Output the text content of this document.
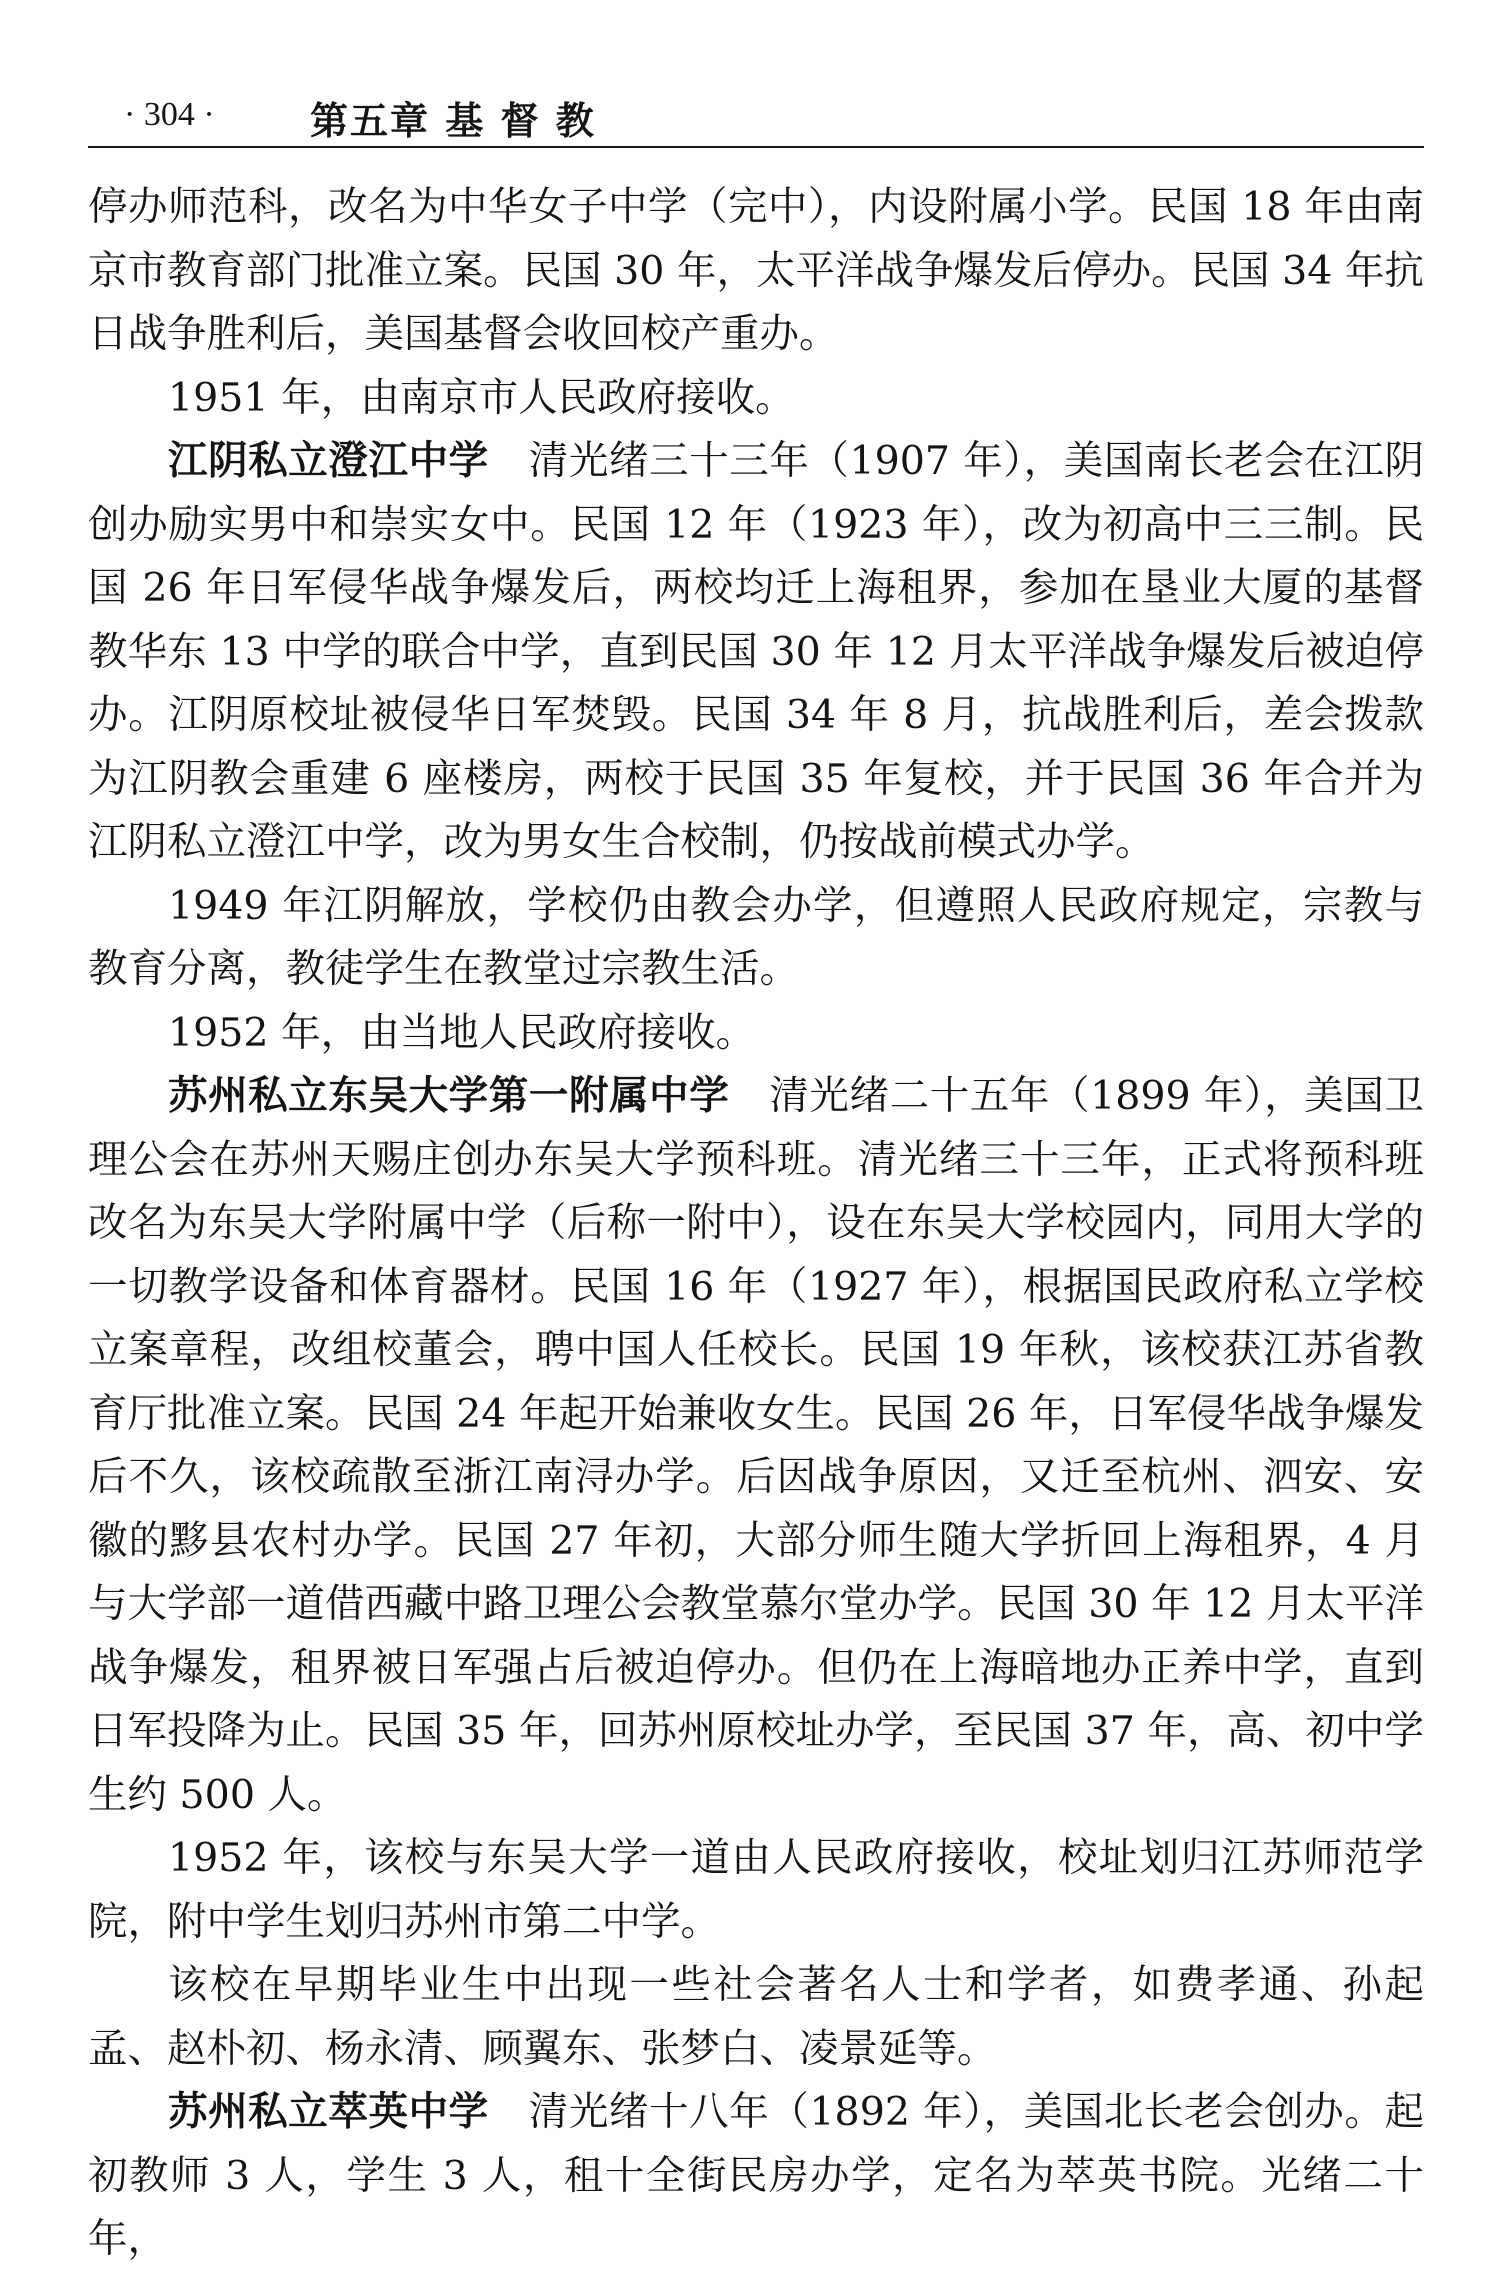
· 304 ·	第五章 基 督 教

停办师范科，改名为中华女子中学（完中），内设附属小学。民国 18 年由南京市教育部门批准立案。民国 30 年，太平洋战争爆发后停办。民国 34 年抗日战争胜利后，美国基督会收回校产重办。

1951 年，由南京市人民政府接收。

江阴私立澄江中学 清光绪三十三年（1907 年），美国南长老会在江阴创办励实男中和崇实女中。民国 12 年（1923 年），改为初高中三三制。民国 26 年日军侵华战争爆发后，两校均迁上海租界，参加在垦业大厦的基督教华东 13 中学的联合中学，直到民国 30 年 12 月太平洋战争爆发后被迫停办。江阴原校址被侵华日军焚毁。民国 34 年 8 月，抗战胜利后，差会拨款为江阴教会重建 6 座楼房，两校于民国 35 年复校，并于民国 36 年合并为江阴私立澄江中学，改为男女生合校制，仍按战前模式办学。

1949 年江阴解放，学校仍由教会办学，但遵照人民政府规定，宗教与教育分离，教徒学生在教堂过宗教生活。

1952 年，由当地人民政府接收。

苏州私立东吴大学第一附属中学 清光绪二十五年（1899 年），美国卫理公会在苏州天赐庄创办东吴大学预科班。清光绪三十三年，正式将预科班改名为东吴大学附属中学（后称一附中），设在东吴大学校园内，同用大学的一切教学设备和体育器材。民国 16 年（1927 年），根据国民政府私立学校立案章程，改组校董会，聘中国人任校长。民国 19 年秋，该校获江苏省教育厅批准立案。民国 24 年起开始兼收女生。民国 26 年，日军侵华战争爆发后不久，该校疏散至浙江南浔办学。后因战争原因，又迁至杭州、泗安、安徽的黟县农村办学。民国 27 年初，大部分师生随大学折回上海租界，4 月与大学部一道借西藏中路卫理公会教堂慕尔堂办学。民国 30 年 12 月太平洋战争爆发，租界被日军强占后被迫停办。但仍在上海暗地办正养中学，直到日军投降为止。民国 35 年，回苏州原校址办学，至民国 37 年，高、初中学生约 500 人。

1952 年，该校与东吴大学一道由人民政府接收，校址划归江苏师范学院，附中学生划归苏州市第二中学。

该校在早期毕业生中出现一些社会著名人士和学者，如费孝通、孙起孟、赵朴初、杨永清、顾翼东、张梦白、凌景延等。

苏州私立萃英中学 清光绪十八年（1892 年），美国北长老会创办。起初教师 3 人，学生 3 人，租十全街民房办学，定名为萃英书院。光绪二十年，
